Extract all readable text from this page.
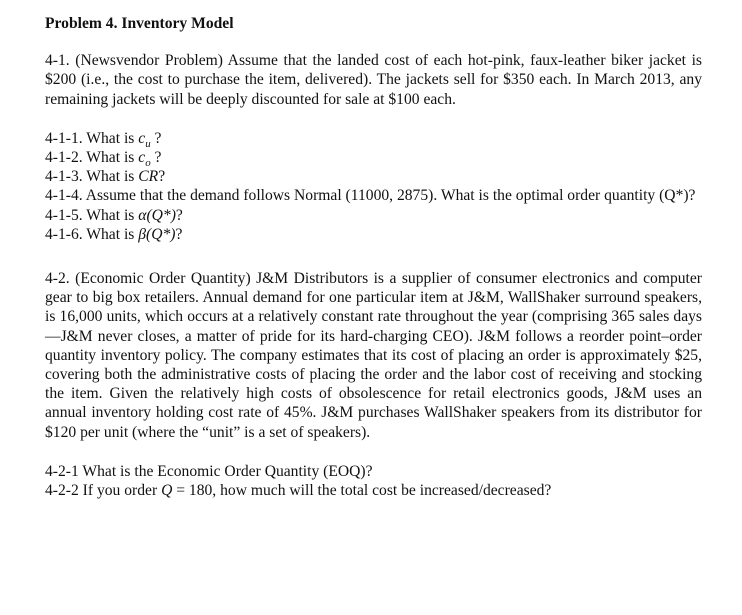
Problem 4. Inventory Model

4-1. (Newsvendor Problem) Assume that the landed cost of each hot-pink, faux-leather biker jacket is $200 (i.e., the cost to purchase the item, delivered). The jackets sell for $350 each. In March 2013, any remaining jackets will be deeply discounted for sale at $100 each.

4-1-1. What is $c_u$ ?
4-1-2. What is $c_o$ ?
4-1-3. What is CR?
4-1-4. Assume that the demand follows Normal (11000, 2875). What is the optimal order quantity (Q*)?
4-1-5. What is α(Q*)?
4-1-6. What is β(Q*)?

4-2. (Economic Order Quantity) J&M Distributors is a supplier of consumer electronics and computer gear to big box retailers. Annual demand for one particular item at J&M, WallShaker surround speakers, is 16,000 units, which occurs at a relatively constant rate throughout the year (comprising 365 sales days—J&M never closes, a matter of pride for its hard-charging CEO). J&M follows a reorder point–order quantity inventory policy. The company estimates that its cost of placing an order is approximately $25, covering both the administrative costs of placing the order and the labor cost of receiving and stocking the item. Given the relatively high costs of obsolescence for retail electronics goods, J&M uses an annual inventory holding cost rate of 45%. J&M purchases WallShaker speakers from its distributor for $120 per unit (where the “unit” is a set of speakers).

4-2-1 What is the Economic Order Quantity (EOQ)?
4-2-2 If you order Q = 180, how much will the total cost be increased/decreased?
